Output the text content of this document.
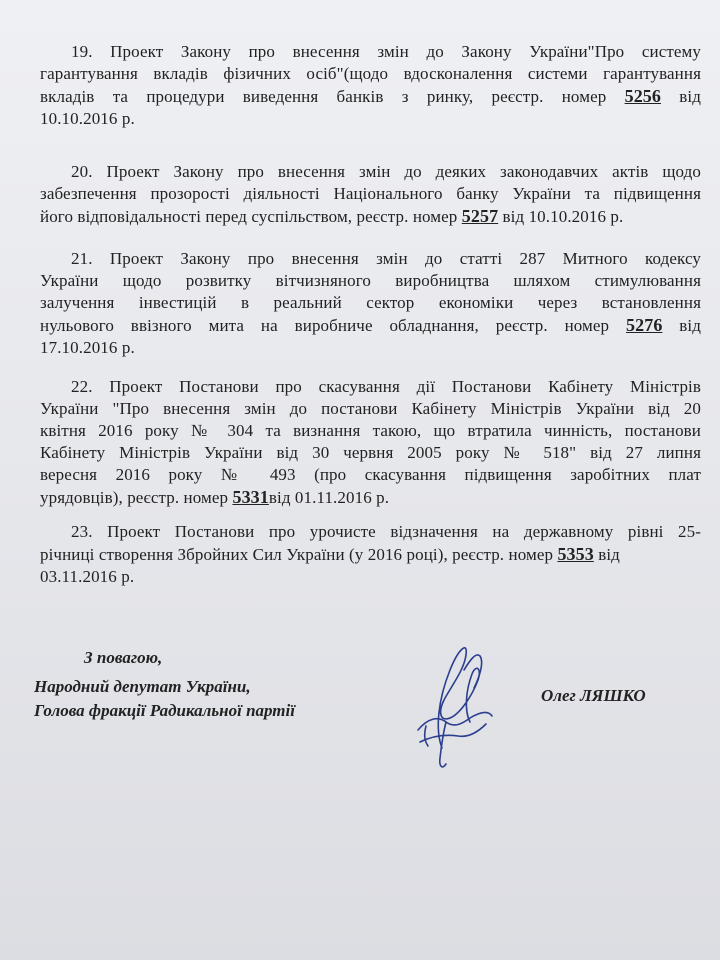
19. Проект Закону про внесення змін до Закону України"Про систему
гарантування вкладів фізичних осіб"(щодо вдосконалення системи гарантування
вкладів та процедури виведення банків з ринку, реєстр. номер 5256 від
10.10.2016 р.
20. Проект Закону про внесення змін до деяких законодавчих актів щодо
забезпечення прозорості діяльності Національного банку України та підвищення
його відповідальності перед суспільством, реєстр. номер 5257 від 10.10.2016 р.
21. Проект Закону про внесення змін до статті 287 Митного кодексу
України щодо розвитку вітчизняного виробництва шляхом стимулювання
залучення інвестицій в реальний сектор економіки через встановлення
нульового ввізного мита на виробниче обладнання, реєстр. номер 5276 від
17.10.2016 р.
22. Проект Постанови про скасування дії Постанови Кабінету Міністрів
України "Про внесення змін до постанови Кабінету Міністрів України від 20
квітня 2016 року № 304 та визнання такою, що втратила чинність, постанови
Кабінету Міністрів України від 30 червня 2005 року № 518" від 27 липня
вересня 2016 року № 493 (про скасування підвищення заробітних плат
урядовців), реєстр. номер 5331від 01.11.2016 р.
23. Проект Постанови про урочисте відзначення на державному рівні 25-
річниці створення Збройних Сил України (у 2016 році), реєстр. номер 5353 від
03.11.2016 р.
З повагою,
Народний депутат України,
Голова фракції Радикальної партії
Олег ЛЯШКО
